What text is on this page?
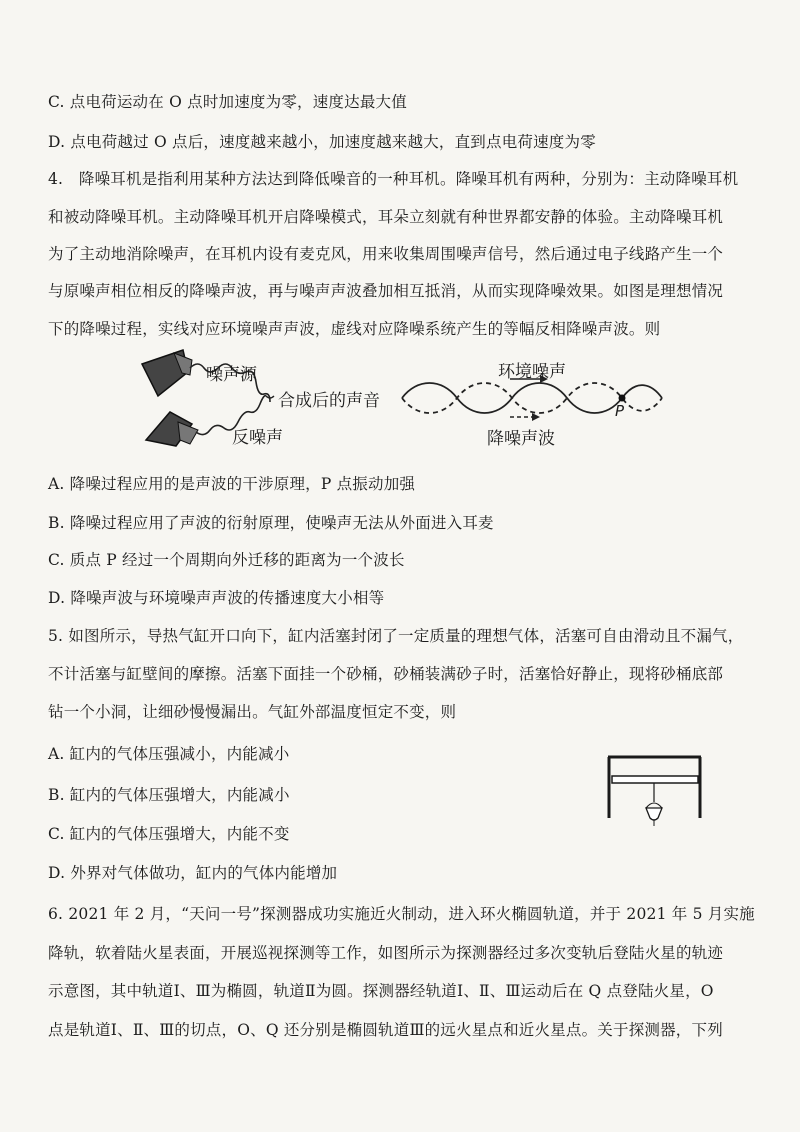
C. 点电荷运动在 O 点时加速度为零，速度达最大值
D. 点电荷越过 O 点后，速度越来越小，加速度越来越大，直到点电荷速度为零
4.　降噪耳机是指利用某种方法达到降低噪音的一种耳机。降噪耳机有两种，分别为：主动降噪耳机
和被动降噪耳机。主动降噪耳机开启降噪模式，耳朵立刻就有种世界都安静的体验。主动降噪耳机
为了主动地消除噪声，在耳机内设有麦克风，用来收集周围噪声信号，然后通过电子线路产生一个
与原噪声相位相反的降噪声波，再与噪声声波叠加相互抵消，从而实现降噪效果。如图是理想情况
下的降噪过程，实线对应环境噪声声波，虚线对应降噪系统产生的等幅反相降噪声波。则
噪声源
合成后的声音
反噪声
环境噪声
降噪声波
P
A. 降噪过程应用的是声波的干涉原理，P 点振动加强
B. 降噪过程应用了声波的衍射原理，使噪声无法从外面进入耳麦
C. 质点 P 经过一个周期向外迁移的距离为一个波长
D. 降噪声波与环境噪声声波的传播速度大小相等
5. 如图所示，导热气缸开口向下，缸内活塞封闭了一定质量的理想气体，活塞可自由滑动且不漏气，
不计活塞与缸壁间的摩擦。活塞下面挂一个砂桶，砂桶装满砂子时，活塞恰好静止，现将砂桶底部
钻一个小洞，让细砂慢慢漏出。气缸外部温度恒定不变，则
A. 缸内的气体压强减小，内能减小
B. 缸内的气体压强增大，内能减小
C. 缸内的气体压强增大，内能不变
D. 外界对气体做功，缸内的气体内能增加
6. 2021 年 2 月，“天问一号”探测器成功实施近火制动，进入环火椭圆轨道，并于 2021 年 5 月实施
降轨，软着陆火星表面，开展巡视探测等工作，如图所示为探测器经过多次变轨后登陆火星的轨迹
示意图，其中轨道Ⅰ、Ⅲ为椭圆，轨道Ⅱ为圆。探测器经轨道Ⅰ、Ⅱ、Ⅲ运动后在 Q 点登陆火星，O
点是轨道Ⅰ、Ⅱ、Ⅲ的切点，O、Q 还分别是椭圆轨道Ⅲ的远火星点和近火星点。关于探测器，下列
